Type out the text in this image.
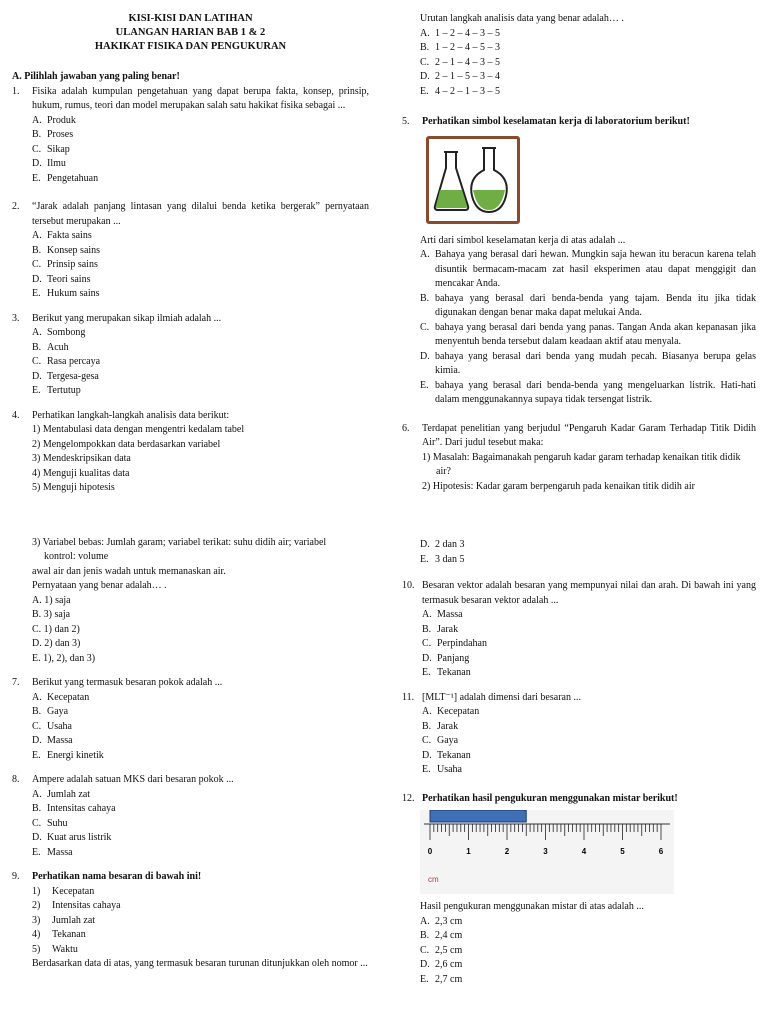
KISI-KISI DAN LATIHAN
ULANGAN HARIAN BAB 1 & 2
HAKIKAT FISIKA DAN PENGUKURAN
A. Pilihlah jawaban yang paling benar!
1. Fisika adalah kumpulan pengetahuan yang dapat berupa fakta, konsep, prinsip, hukum, rumus, teori dan model merupakan salah satu hakikat fisika sebagai ...
A. Produk
B. Proses
C. Sikap
D. Ilmu
E. Pengetahuan
2. “Jarak adalah panjang lintasan yang dilalui benda ketika bergerak” pernyataan tersebut merupakan ...
A. Fakta sains
B. Konsep sains
C. Prinsip sains
D. Teori sains
E. Hukum sains
3. Berikut yang merupakan sikap ilmiah adalah ...
A. Sombong
B. Acuh
C. Rasa percaya
D. Tergesa-gesa
E. Tertutup
4. Perhatikan langkah-langkah analisis data berikut:
1) Mentabulasi data dengan mengentri kedalam tabel
2) Mengelompokkan data berdasarkan variabel
3) Mendeskripsikan data
4) Menguji kualitas data
5) Menguji hipotesis
3) Variabel bebas: Jumlah garam; variabel terikat: suhu didih air; variabel
kontrol: volume
awal air dan jenis wadah untuk memanaskan air.
Pernyataan yang benar adalah… .
A. 1) saja
B. 3) saja
C. 1) dan 2)
D. 2) dan 3)
E. 1), 2), dan 3)
7. Berikut yang termasuk besaran pokok adalah ...
A. Kecepatan
B. Gaya
C. Usaha
D. Massa
E. Energi kinetik
8. Ampere adalah satuan MKS dari besaran pokok ...
A. Jumlah zat
B. Intensitas cahaya
C. Suhu
D. Kuat arus listrik
E. Massa
9. Perhatikan nama besaran di bawah ini!
1) Kecepatan
2) Intensitas cahaya
3) Jumlah zat
4) Tekanan
5) Waktu
Berdasarkan data di atas, yang termasuk besaran turunan ditunjukkan oleh nomor ...
Urutan langkah analisis data yang benar adalah… .
A. 1 – 2 – 4 – 3 – 5
B. 1 – 2 – 4 – 5 – 3
C. 2 – 1 – 4 – 3 – 5
D. 2 – 1 – 5 – 3 – 4
E. 4 – 2 – 1 – 3 – 5
5. Perhatikan simbol keselamatan kerja di laboratorium berikut!
Arti dari simbol keselamatan kerja di atas adalah ...
A. Bahaya yang berasal dari hewan. Mungkin saja hewan itu beracun karena telah disuntik bermacam-macam zat hasil eksperimen atau dapat menggigit dan mencakar Anda.
B. bahaya yang berasal dari benda-benda yang tajam. Benda itu jika tidak digunakan dengan benar maka dapat melukai Anda.
C. bahaya yang berasal dari benda yang panas. Tangan Anda akan kepanasan jika menyentuh benda tersebut dalam keadaan aktif atau menyala.
D. bahaya yang berasal dari benda yang mudah pecah. Biasanya berupa gelas kimia.
E. bahaya yang berasal dari benda-benda yang mengeluarkan listrik. Hati-hati dalam menggunakannya supaya tidak tersengat listrik.
6. Terdapat penelitian yang berjudul “Pengaruh Kadar Garam Terhadap Titik Didih Air”. Dari judul tesebut maka:
1) Masalah: Bagaimanakah pengaruh kadar garam terhadap kenaikan titik didik air?
2) Hipotesis: Kadar garam berpengaruh pada kenaikan titik didih air
D. 2 dan 3
E. 3 dan 5
10. Besaran vektor adalah besaran yang mempunyai nilai dan arah. Di bawah ini yang termasuk besaran vektor adalah ...
A. Massa
B. Jarak
C. Perpindahan
D. Panjang
E. Tekanan
11. [MLT⁻¹] adalah dimensi dari besaran ...
A. Kecepatan
B. Jarak
C. Gaya
D. Tekanan
E. Usaha
12. Perhatikan hasil pengukuran menggunakan mistar berikut!
0	1	2	3	4	5	6
cm
Hasil pengukuran menggunakan mistar di atas adalah ...
A. 2,3 cm
B. 2,4 cm
C. 2,5 cm
D. 2,6 cm
E. 2,7 cm
